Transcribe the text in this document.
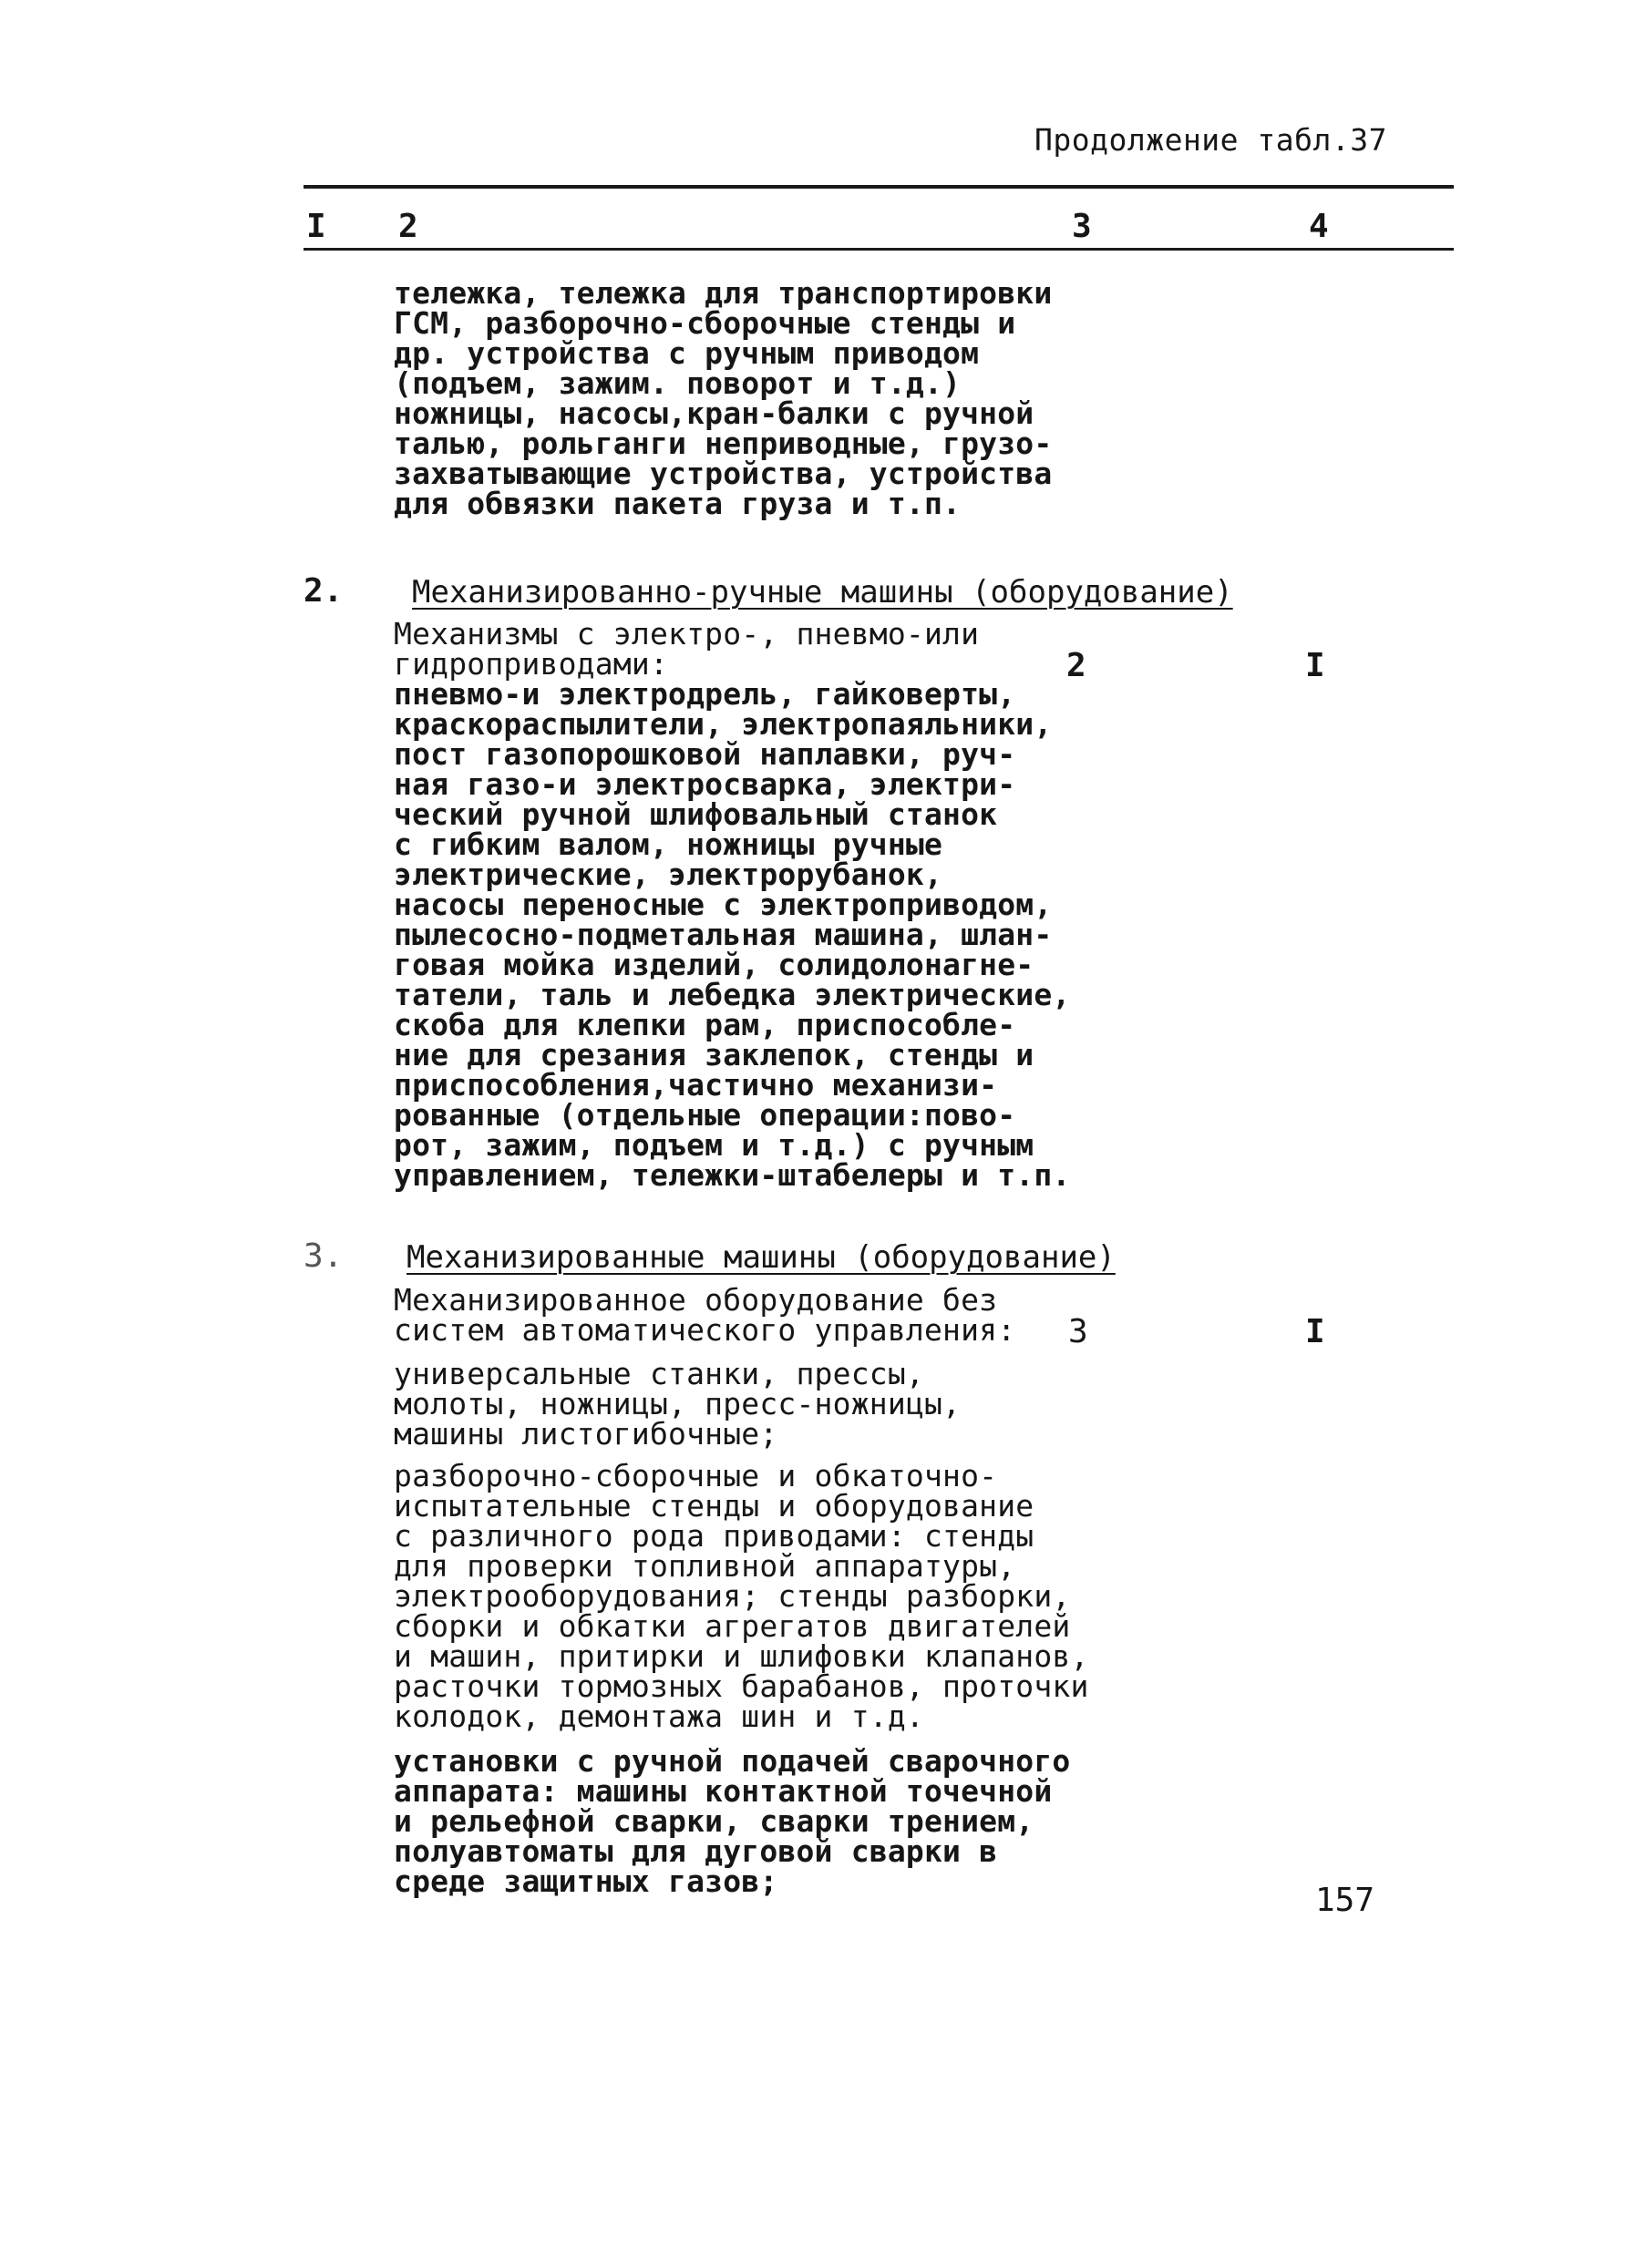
Продолжение табл.37
I 2	3	4
тележка, тележка для транспортировки
ГСМ, разборочно-сборочные стенды и
др. устройства с ручным приводом
(подъем, зажим. поворот и т.д.)
ножницы, насосы,кран-балки с ручной
талью, рольганги неприводные, грузо-
захватывающие устройства, устройства
для обвязки пакета груза и т.п.
2. Механизированно-ручные машины (оборудование)
Механизмы с электро-, пневмо-или
гидроприводами:	2	I
пневмо-и электродрель, гайковерты,
краскораспылители, электропаяльники,
пост газопорошковой наплавки, руч-
ная газо-и электросварка, электри-
ческий ручной шлифовальный станок
с гибким валом, ножницы ручные
электрические, электрорубанок,
насосы переносные с электроприводом,
пылесосно-подметальная машина, шлан-
говая мойка изделий, солидолонагне-
татели, таль и лебедка электрические,
скоба для клепки рам, приспособле-
ние для срезания заклепок, стенды и
приспособления,частично механизи-
рованные (отдельные операции:пово-
рот, зажим, подъем и т.д.) с ручным
управлением, тележки-штабелеры и т.п.
3. Механизированные машины (оборудование)
Механизированное оборудование без
систем автоматического управления: 3	I
универсальные станки, прессы,
молоты, ножницы, пресс-ножницы,
машины листогибочные;
разборочно-сборочные и обкаточно-
испытательные стенды и оборудование
с различного рода приводами: стенды
для проверки топливной аппаратуры,
электрооборудования; стенды разборки,
сборки и обкатки агрегатов двигателей
и машин, притирки и шлифовки клапанов,
расточки тормозных барабанов, проточки
колодок, демонтажа шин и т.д.
установки с ручной подачей сварочного
аппарата: машины контактной точечной
и рельефной сварки, сварки трением,
полуавтоматы для дуговой сварки в
среде защитных газов;
157
